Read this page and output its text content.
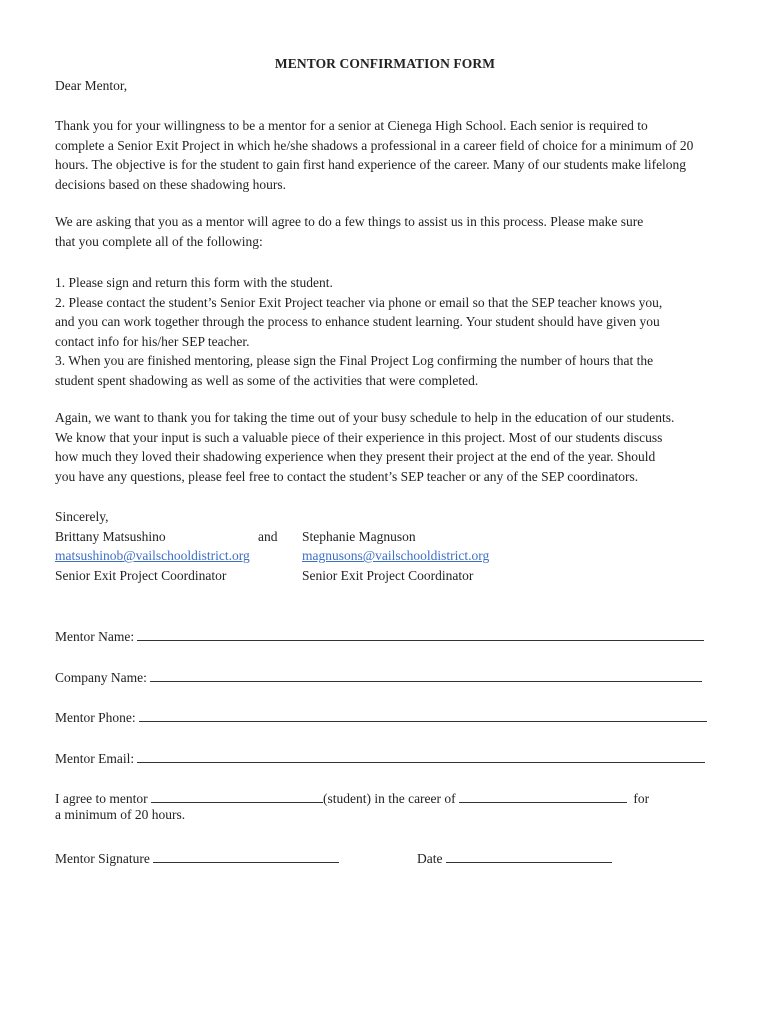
MENTOR CONFIRMATION FORM
Dear Mentor,
Thank you for your willingness to be a mentor for a senior at Cienega High School. Each senior is required to
complete a Senior Exit Project in which he/she shadows a professional in a career field of choice for a minimum of 20
hours. The objective is for the student to gain first hand experience of the career. Many of our students make lifelong
decisions based on these shadowing hours.
We are asking that you as a mentor will agree to do a few things to assist us in this process. Please make sure
that you complete all of the following:
1. Please sign and return this form with the student.
2. Please contact the student’s Senior Exit Project teacher via phone or email so that the SEP teacher knows you,
and you can work together through the process to enhance student learning. Your student should have given you
contact info for his/her SEP teacher.
3. When you are finished mentoring, please sign the Final Project Log confirming the number of hours that the
student spent shadowing as well as some of the activities that were completed.
Again, we want to thank you for taking the time out of your busy schedule to help in the education of our students.
We know that your input is such a valuable piece of their experience in this project. Most of our students discuss
how much they loved their shadowing experience when they present their project at the end of the year. Should
you have any questions, please feel free to contact the student’s SEP teacher or any of the SEP coordinators.
Sincerely,
Brittany Matsushino	and Stephanie Magnuson
matsushinob@vailschooldistrict.org	magnusons@vailschooldistrict.org
Senior Exit Project Coordinator	Senior Exit Project Coordinator
Mentor Name:
Company Name:
Mentor Phone:
Mentor Email:
I agree to mentor	(student) in the career of	for
a minimum of 20 hours.
Mentor Signature	Date
